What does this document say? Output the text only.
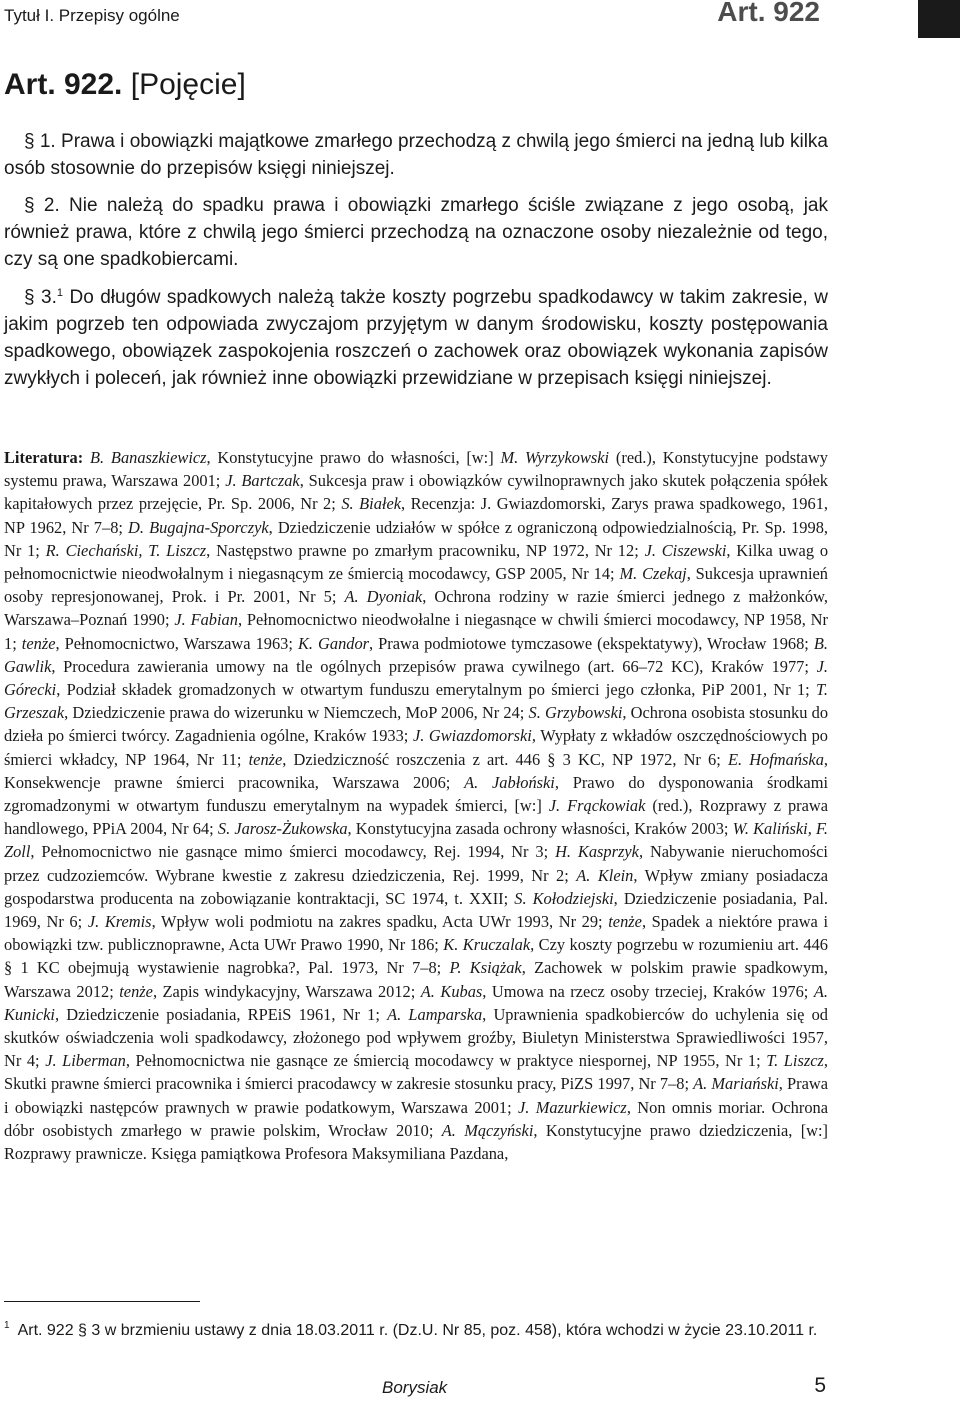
Tytuł I. Przepisy ogólne	Art. 922
Art. 922. [Pojęcie]

§ 1. Prawa i obowiązki majątkowe zmarłego przechodzą z chwilą jego śmierci na jedną lub kilka osób stosownie do przepisów księgi niniejszej.

§ 2. Nie należą do spadku prawa i obowiązki zmarłego ściśle związane z jego osobą, jak również prawa, które z chwilą jego śmierci przechodzą na oznaczone osoby niezależnie od tego, czy są one spadkobiercami.

§ 3.$^1$ Do długów spadkowych należą także koszty pogrzebu spadkodawcy w takim zakresie, w jakim pogrzeb ten odpowiada zwyczajom przyjętym w danym środowisku, koszty postępowania spadkowego, obowiązek zaspokojenia roszczeń o zachowek oraz obowiązek wykonania zapisów zwykłych i poleceń, jak również inne obowiązki przewidziane w przepisach księgi niniejszej.

Literatura: B. Banaszkiewicz, Konstytucyjne prawo do własności, [w:] M. Wyrzykowski (red.), Konstytucyjne podstawy systemu prawa, Warszawa 2001; J. Bartczak, Sukcesja praw i obowiązków cywilnoprawnych jako skutek połączenia spółek kapitałowych przez przejęcie, Pr. Sp. 2006, Nr 2; S. Białek, Recenzja: J. Gwiazdomorski, Zarys prawa spadkowego, 1961, NP 1962, Nr 7–8; D. Bugajna-Sporczyk, Dziedziczenie udziałów w spółce z ograniczoną odpowiedzialnością, Pr. Sp. 1998, Nr 1; R. Ciechański, T. Liszcz, Następstwo prawne po zmarłym pracowniku, NP 1972, Nr 12; J. Ciszewski, Kilka uwag o pełnomocnictwie nieodwołalnym i niegasnącym ze śmiercią mocodawcy, GSP 2005, Nr 14; M. Czekaj, Sukcesja uprawnień osoby represjonowanej, Prok. i Pr. 2001, Nr 5; A. Dyoniak, Ochrona rodziny w razie śmierci jednego z małżonków, Warszawa–Poznań 1990; J. Fabian, Pełnomocnictwo nieodwołalne i niegasnące w chwili śmierci mocodawcy, NP 1958, Nr 1; tenże, Pełnomocnictwo, Warszawa 1963; K. Gandor, Prawa podmiotowe tymczasowe (ekspektatywy), Wrocław 1968; B. Gawlik, Procedura zawierania umowy na tle ogólnych przepisów prawa cywilnego (art. 66–72 KC), Kraków 1977; J. Górecki, Podział składek gromadzonych w otwartym funduszu emerytalnym po śmierci jego członka, PiP 2001, Nr 1; T. Grzeszak, Dziedziczenie prawa do wizerunku w Niemczech, MoP 2006, Nr 24; S. Grzybowski, Ochrona osobista stosunku do dzieła po śmierci twórcy. Zagadnienia ogólne, Kraków 1933; J. Gwiazdomorski, Wypłaty z wkładów oszczędnościowych po śmierci wkładcy, NP 1964, Nr 11; tenże, Dziedziczność roszczenia z art. 446 § 3 KC, NP 1972, Nr 6; E. Hofmańska, Konsekwencje prawne śmierci pracownika, Warszawa 2006; A. Jabłoński, Prawo do dysponowania środkami zgromadzonymi w otwartym funduszu emerytalnym na wypadek śmierci, [w:] J. Frąckowiak (red.), Rozprawy z prawa handlowego, PPiA 2004, Nr 64; S. Jarosz-Żukowska, Konstytucyjna zasada ochrony własności, Kraków 2003; W. Kaliński, F. Zoll, Pełnomocnictwo nie gasnące mimo śmierci mocodawcy, Rej. 1994, Nr 3; H. Kasprzyk, Nabywanie nieruchomości przez cudzoziemców. Wybrane kwestie z zakresu dziedziczenia, Rej. 1999, Nr 2; A. Klein, Wpływ zmiany posiadacza gospodarstwa producenta na zobowiązanie kontraktacji, SC 1974, t. XXII; S. Kołodziejski, Dziedziczenie posiadania, Pal. 1969, Nr 6; J. Kremis, Wpływ woli podmiotu na zakres spadku, Acta UWr 1993, Nr 29; tenże, Spadek a niektóre prawa i obowiązki tzw. publicznoprawne, Acta UWr Prawo 1990, Nr 186; K. Kruczalak, Czy koszty pogrzebu w rozumieniu art. 446 § 1 KC obejmują wystawienie nagrobka?, Pal. 1973, Nr 7–8; P. Książak, Zachowek w polskim prawie spadkowym, Warszawa 2012; tenże, Zapis windykacyjny, Warszawa 2012; A. Kubas, Umowa na rzecz osoby trzeciej, Kraków 1976; A. Kunicki, Dziedziczenie posiadania, RPEiS 1961, Nr 1; A. Lamparska, Uprawnienia spadkobierców do uchylenia się od skutków oświadczenia woli spadkodawcy, złożonego pod wpływem groźby, Biuletyn Ministerstwa Sprawiedliwości 1957, Nr 4; J. Liberman, Pełnomocnictwa nie gasnące ze śmiercią mocodawcy w praktyce niespornej, NP 1955, Nr 1; T. Liszcz, Skutki prawne śmierci pracownika i śmierci pracodawcy w zakresie stosunku pracy, PiZS 1997, Nr 7–8; A. Mariański, Prawa i obowiązki następców prawnych w prawie podatkowym, Warszawa 2001; J. Mazurkiewicz, Non omnis moriar. Ochrona dóbr osobistych zmarłego w prawie polskim, Wrocław 2010; A. Mączyński, Konstytucyjne prawo dziedziczenia, [w:] Rozprawy prawnicze. Księga pamiątkowa Profesora Maksymiliana Pazdana,

$^1$ Art. 922 § 3 w brzmieniu ustawy z dnia 18.03.2011 r. (Dz.U. Nr 85, poz. 458), która wchodzi w życie 23.10.2011 r.

Borysiak	5
